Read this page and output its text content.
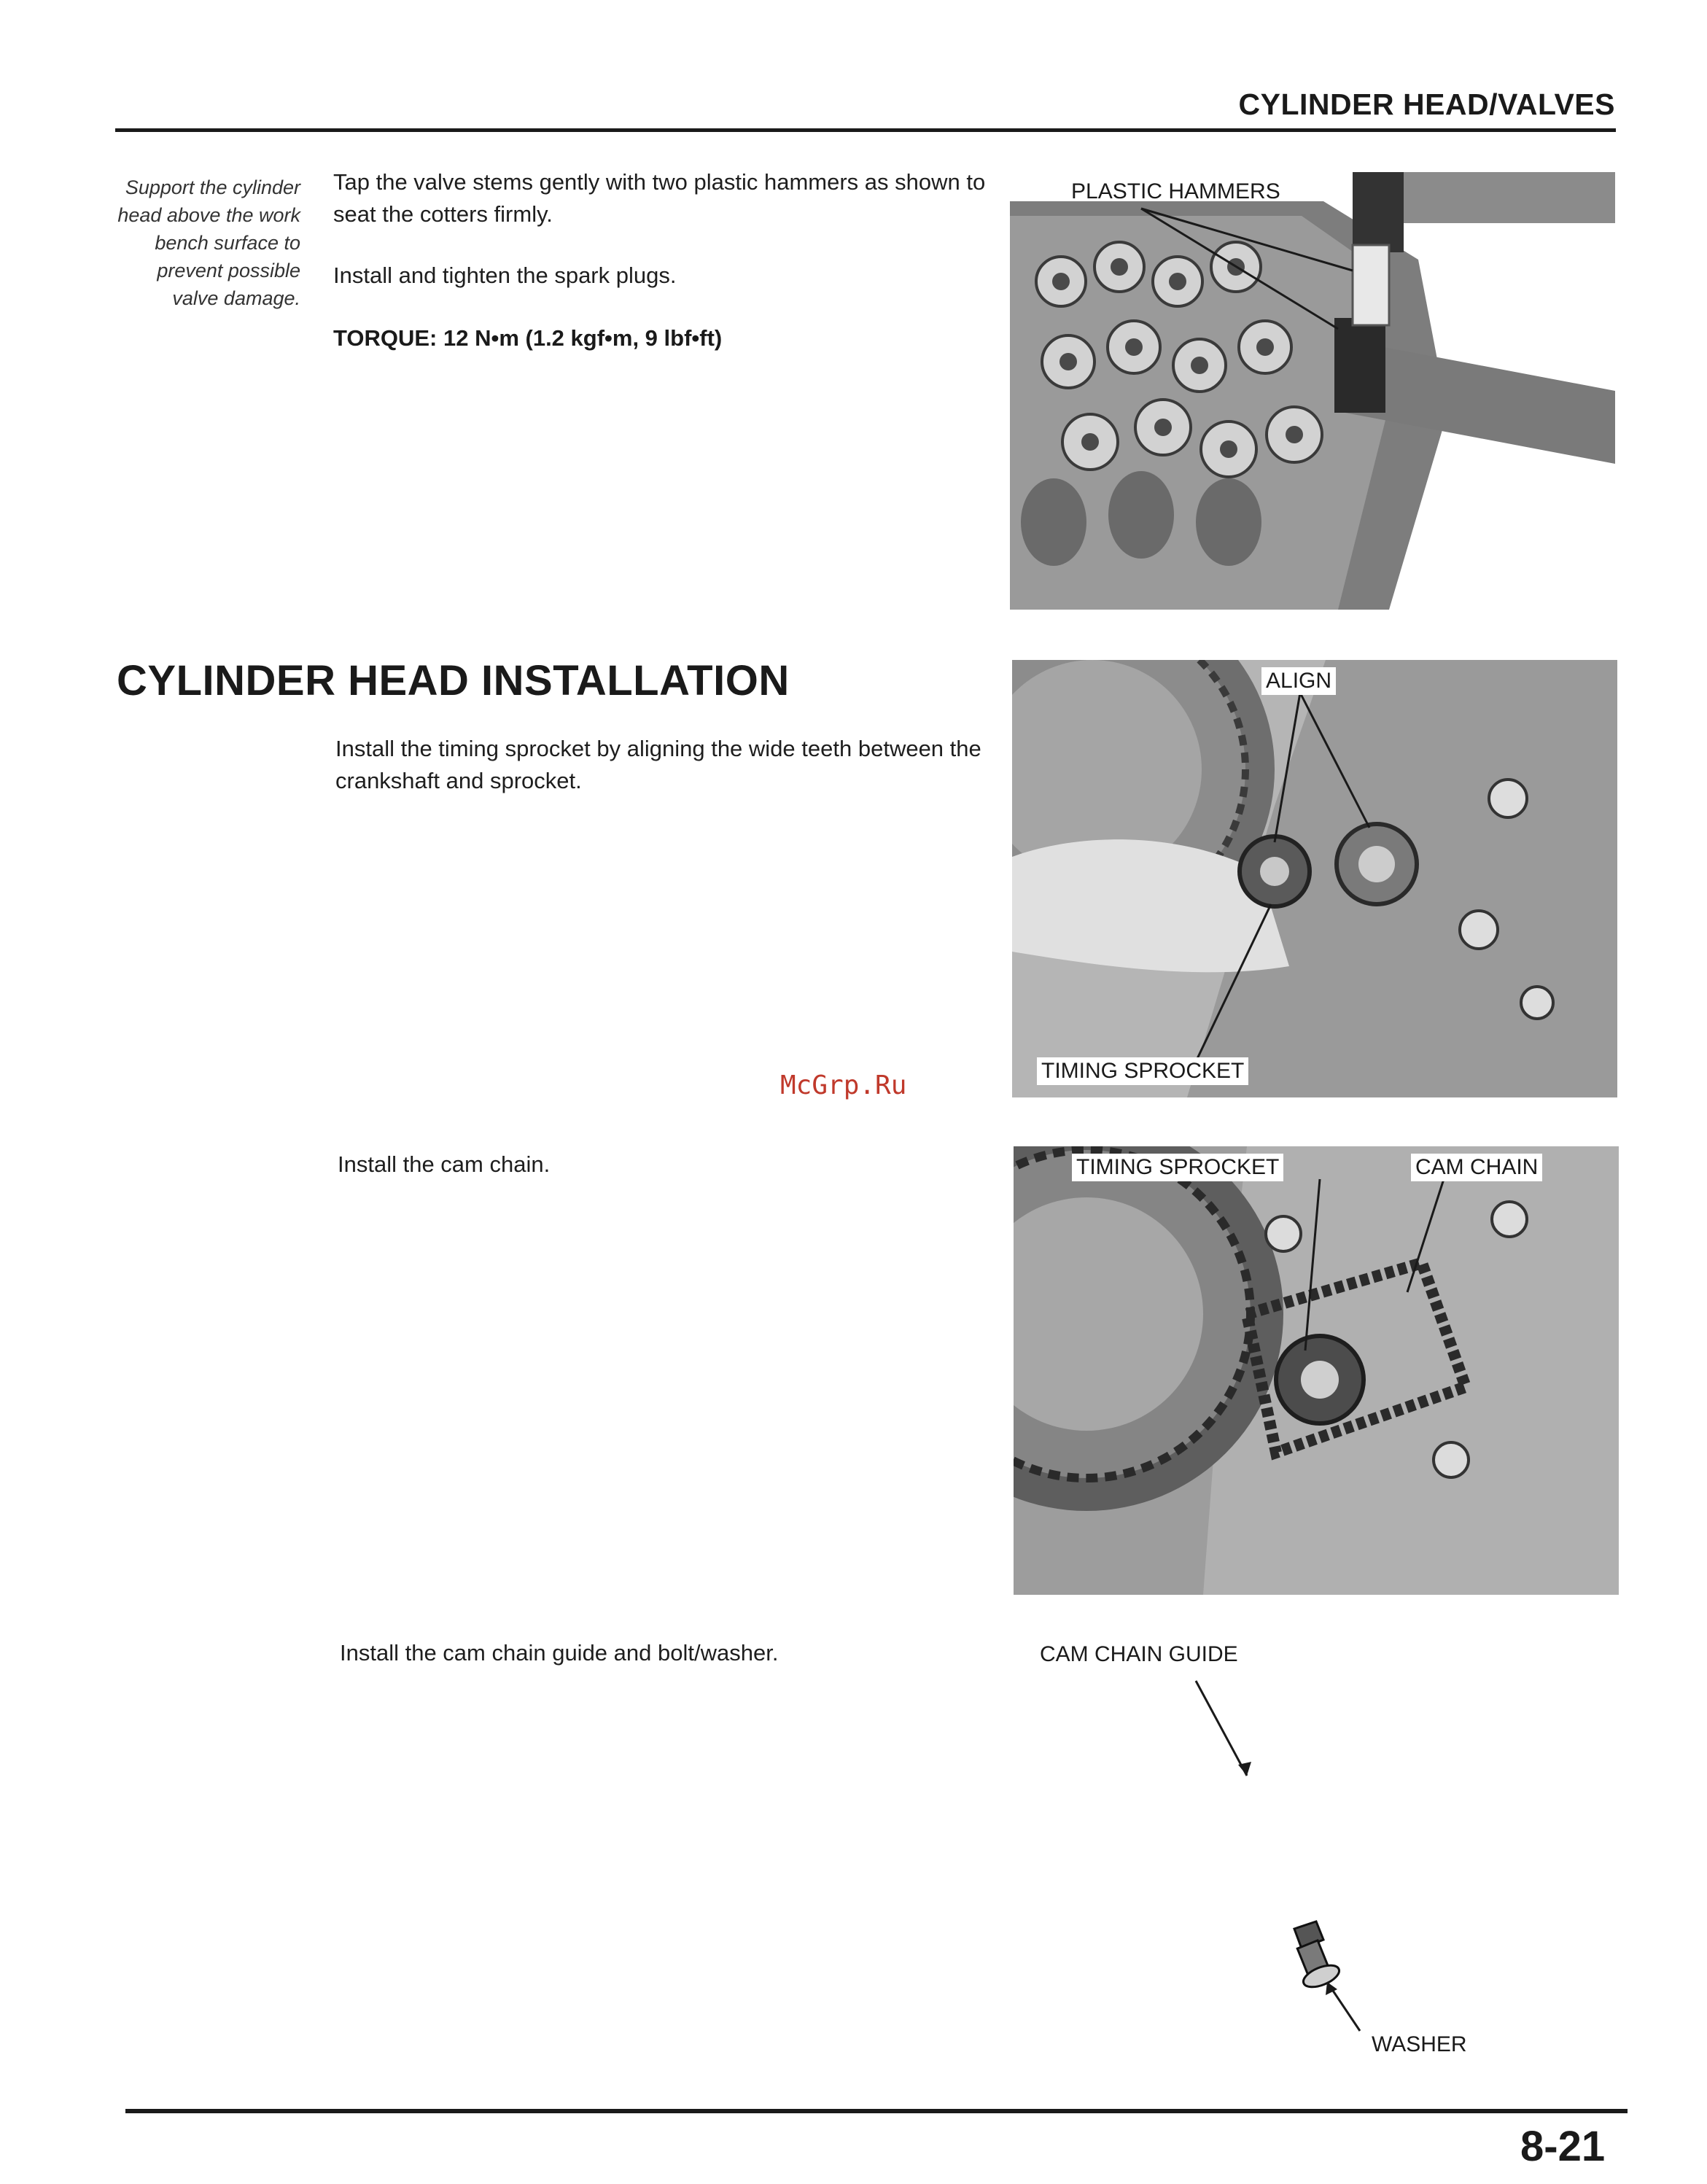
CYLINDER HEAD/VALVES
Support the cylinder head above the work bench surface to prevent possible valve damage.
Tap the valve stems gently with two plastic hammers as shown to seat the cotters firmly.
Install and tighten the spark plugs.
TORQUE: 12 N•m (1.2 kgf•m, 9 lbf•ft)
PLASTIC HAMMERS
CYLINDER HEAD INSTALLATION
Install the timing sprocket by aligning the wide teeth between the crankshaft and sprocket.
Install the cam chain.
Install the cam chain guide and bolt/washer.
ALIGN
TIMING SPROCKET
McGrp.Ru
TIMING SPROCKET	CAM CHAIN
CAM CHAIN GUIDE
WASHER
8-21
